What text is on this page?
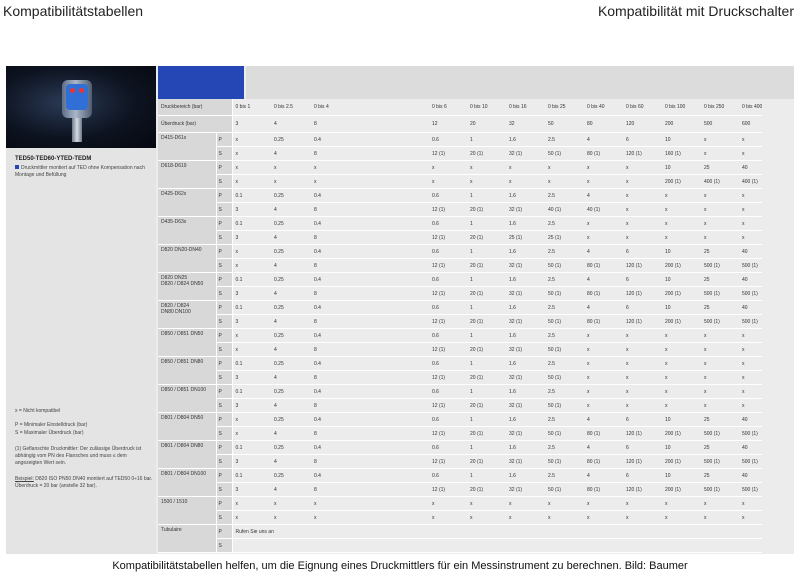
Kompatibilitätstabellen	Kompatibilität mit Druckschalter
TED50-TED60-YTED-TEDM
Druckmittler montiert auf TED ohne Kompensation nach Montage und Befüllung
x = Nicht kompatibel
P = Minimaler Einstelldruck (bar)
S = Maximaler Überdruck (bar)
(1) Geflanschte Druckmittler: Der zulässige Überdruck ist abhängig vom PN des Flansches und muss ≤ dem angezeigten Wert sein.
Beispiel: D820 ISO PN50 DN40 montiert auf TED50 0÷16 bar. Überdruck = 20 bar (anstelle 32 bar).
Druckbereich (bar)		0 bis 1	0 bis 2.5	0 bis 4		0 bis 6	0 bis 10	0 bis 16	0 bis 25	0 bis 40	0 bis 60	0 bis 100	0 bis 250	0 bis 400
Überdruck (bar)		3	4	8		12	20	32	50	80	120	200	500	600
D415-D61x	P	x	0.25	0.4		0.6	1	1.6	2.5	4	6	10	x	x
	S	x	4	8		12 (1)	20 (1)	32 (1)	50 (1)	80 (1)	120 (1)	160 (1)	x	x
D618-D619	P	x	x	x		x	x	x	x	x	x	10	25	40
	S	x	x	x		x	x	x	x	x	x	200 (1)	400 (1)	400 (1)
D425-D62x	P	0.1	0.25	0.4		0.6	1	1.6	2.5	4	x	x	x	x
	S	3	4	8		12 (1)	20 (1)	32 (1)	40 (1)	40 (1)	x	x	x	x
D435-D63x	P	0.1	0.25	0.4		0.6	1	1.6	2.5	x	x	x	x	x
	S	3	4	8		12 (1)	20 (1)	25 (1)	25 (1)	x	x	x	x	x
D820 DN20-DN40	P	x	0.25	0.4		0.6	1	1.6	2.5	4	6	10	25	40
	S	x	4	8		12 (1)	20 (1)	32 (1)	50 (1)	80 (1)	120 (1)	200 (1)	500 (1)	500 (1)
D820 DN25
D820 / D824 DN50	P	0.1	0.25	0.4		0.6	1	1.6	2.5	4	6	10	25	40
	S	3	4	8		12 (1)	20 (1)	32 (1)	50 (1)	80 (1)	120 (1)	200 (1)	500 (1)	500 (1)
D820 / D824
DN80 DN100	P	0.1	0.25	0.4		0.6	1	1.6	2.5	4	6	10	25	40
	S	3	4	8		12 (1)	20 (1)	32 (1)	50 (1)	80 (1)	120 (1)	200 (1)	500 (1)	500 (1)
D850 / D851 DN50	P	x	0.25	0.4		0.6	1	1.6	2.5	x	x	x	x	x
	S	x	4	8		12 (1)	20 (1)	32 (1)	50 (1)	x	x	x	x	x
D850 / D851 DN80	P	0.1	0.25	0.4		0.6	1	1.6	2.5	x	x	x	x	x
	S	3	4	8		12 (1)	20 (1)	32 (1)	50 (1)	x	x	x	x	x
D850 / D851 DN100	P	0.1	0.25	0.4		0.6	1	1.6	2.5	x	x	x	x	x
	S	3	4	8		12 (1)	20 (1)	32 (1)	50 (1)	x	x	x	x	x
D801 / D804 DN50	P	x	0.25	0.4		0.6	1	1.6	2.5	4	6	10	25	40
	S	x	4	8		12 (1)	20 (1)	32 (1)	50 (1)	80 (1)	120 (1)	200 (1)	500 (1)	500 (1)
D801 / D804 DN80	P	0.1	0.25	0.4		0.6	1	1.6	2.5	4	6	10	25	40
	S	3	4	8		12 (1)	20 (1)	32 (1)	50 (1)	80 (1)	120 (1)	200 (1)	500 (1)	500 (1)
D801 / D804 DN100	P	0.1	0.25	0.4		0.6	1	1.6	2.5	4	6	10	25	40
	S	3	4	8		12 (1)	20 (1)	32 (1)	50 (1)	80 (1)	120 (1)	200 (1)	500 (1)	500 (1)
1500 / 1510	P	x	x	x		x	x	x	x	x	x	x	x	x
	S	x	x	x		x	x	x	x	x	x	x	x	x
Tubulaire	P	Rufen Sie uns an												
	S													
Kompatibilitätstabellen helfen, um die Eignung eines Druckmittlers für ein Messinstrument zu berechnen. Bild: Baumer
